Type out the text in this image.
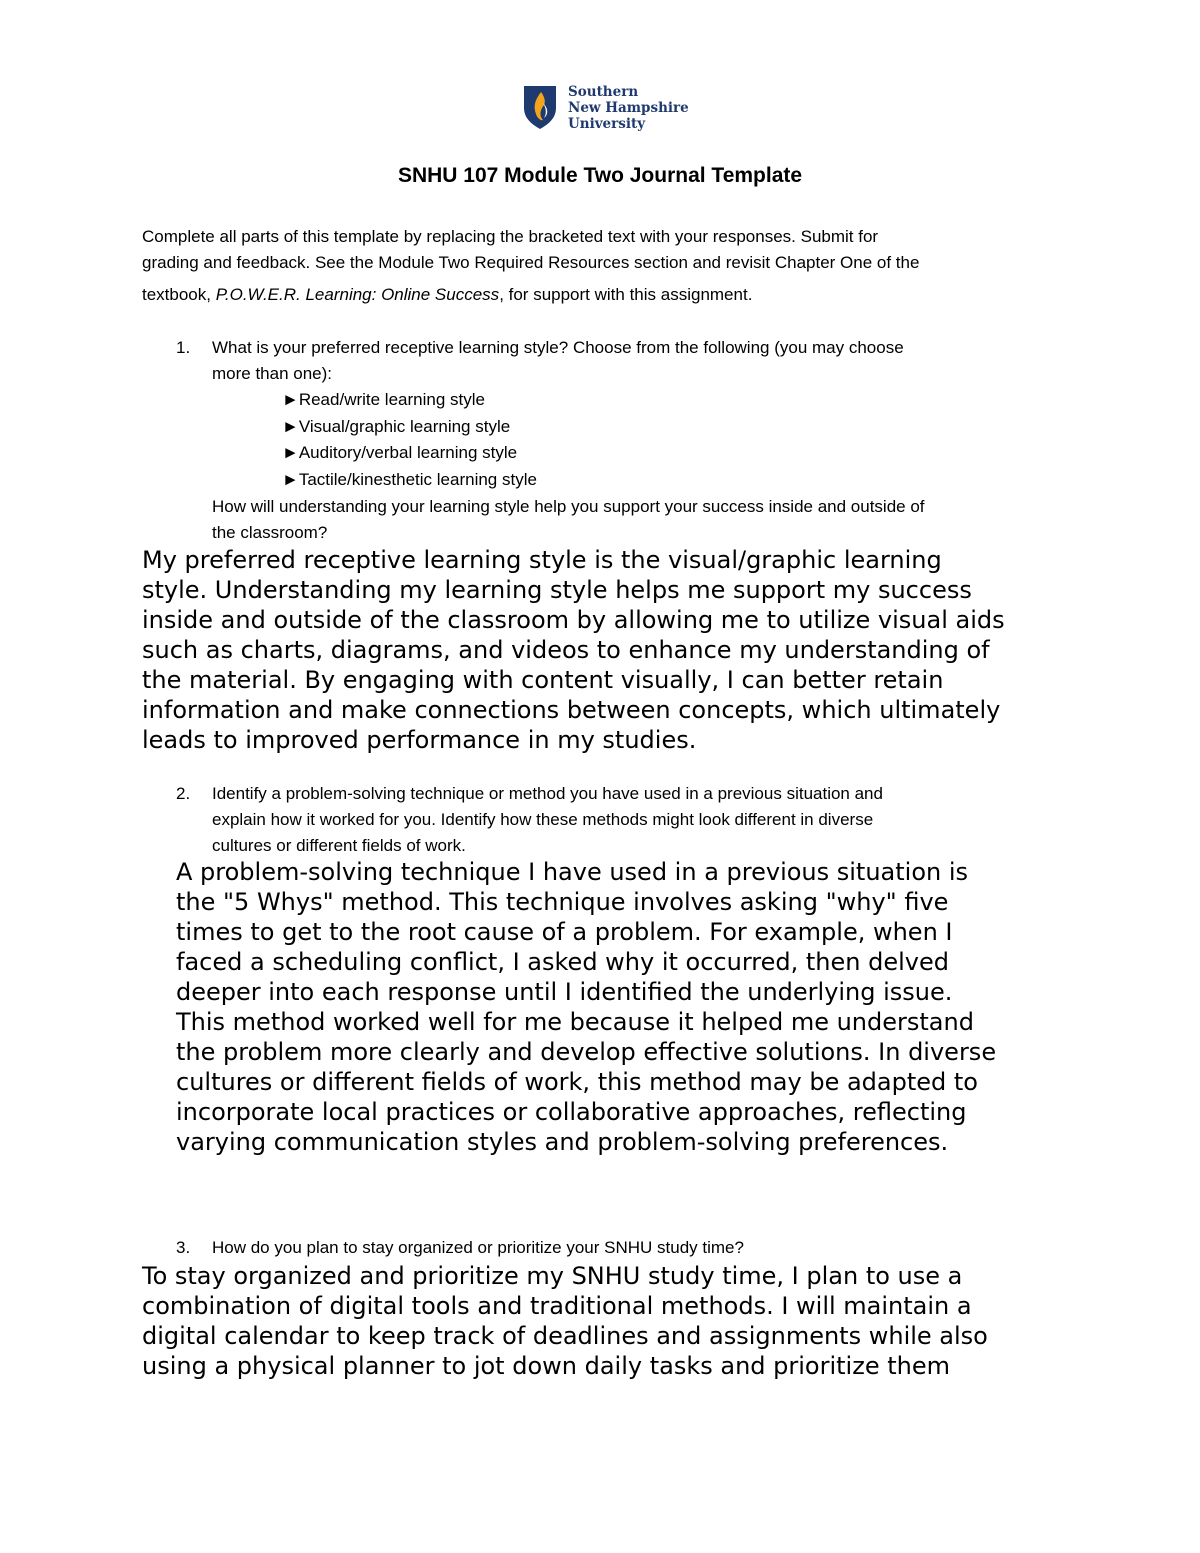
Southern
New Hampshire
University
SNHU 107 Module Two Journal Template
Complete all parts of this template by replacing the bracketed text with your responses. Submit for
grading and feedback. See the Module Two Required Resources section and revisit Chapter One of the
textbook, P.O.W.E.R. Learning: Online Success, for support with this assignment.
1. What is your preferred receptive learning style? Choose from the following (you may choose
more than one):
►Read/write learning style
►Visual/graphic learning style
►Auditory/verbal learning style
►Tactile/kinesthetic learning style
How will understanding your learning style help you support your success inside and outside of
the classroom?
My preferred receptive learning style is the visual/graphic learning
style. Understanding my learning style helps me support my success
inside and outside of the classroom by allowing me to utilize visual aids
such as charts, diagrams, and videos to enhance my understanding of
the material. By engaging with content visually, I can better retain
information and make connections between concepts, which ultimately
leads to improved performance in my studies.
2. Identify a problem-solving technique or method you have used in a previous situation and
explain how it worked for you. Identify how these methods might look different in diverse
cultures or different fields of work.
A problem-solving technique I have used in a previous situation is
the "5 Whys" method. This technique involves asking "why" five
times to get to the root cause of a problem. For example, when I
faced a scheduling conflict, I asked why it occurred, then delved
deeper into each response until I identified the underlying issue.
This method worked well for me because it helped me understand
the problem more clearly and develop effective solutions. In diverse
cultures or different fields of work, this method may be adapted to
incorporate local practices or collaborative approaches, reflecting
varying communication styles and problem-solving preferences.
3. How do you plan to stay organized or prioritize your SNHU study time?
To stay organized and prioritize my SNHU study time, I plan to use a
combination of digital tools and traditional methods. I will maintain a
digital calendar to keep track of deadlines and assignments while also
using a physical planner to jot down daily tasks and prioritize them
